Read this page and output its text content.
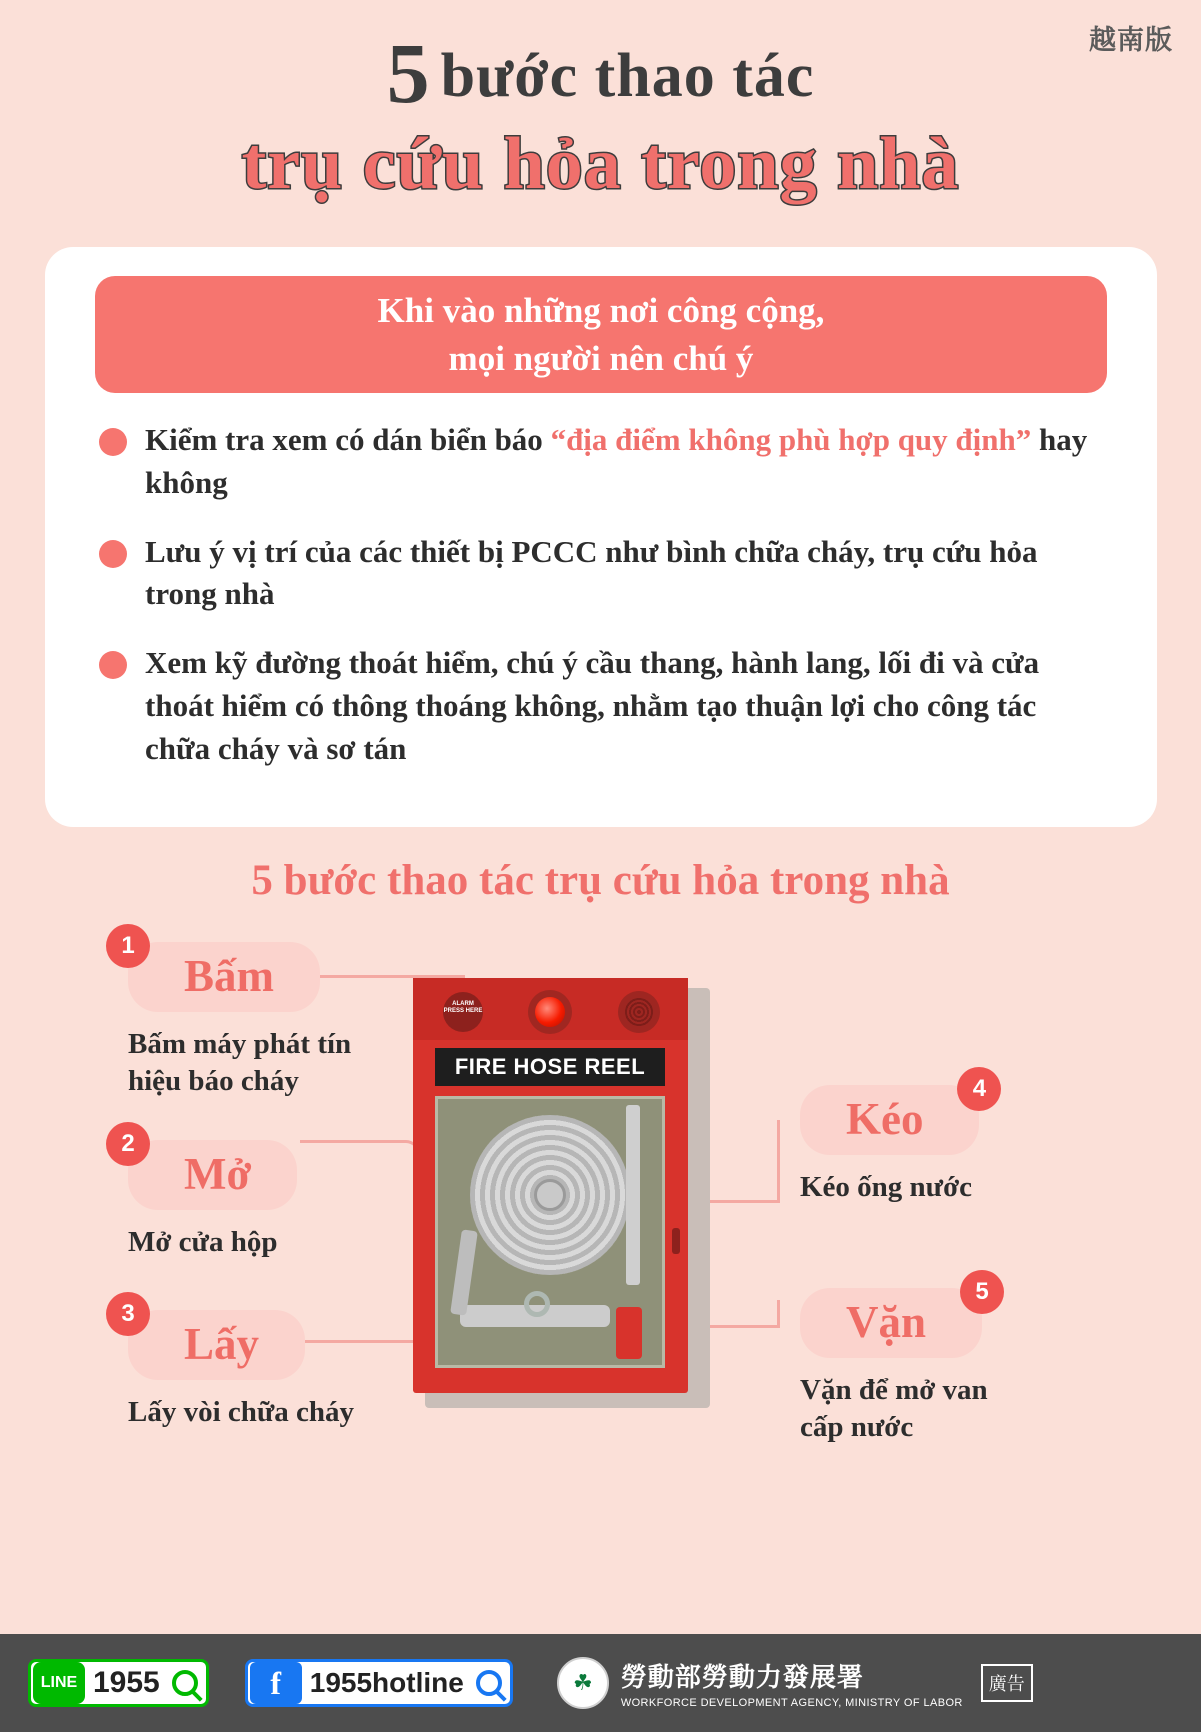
越南版
5 bước thao tác
trụ cứu hỏa trong nhà
Khi vào những nơi công cộng,
mọi người nên chú ý
Kiểm tra xem có dán biển báo “địa điểm không phù hợp quy định” hay không
Lưu ý vị trí của các thiết bị PCCC như bình chữa cháy, trụ cứu hỏa trong nhà
Xem kỹ đường thoát hiểm, chú ý cầu thang, hành lang, lối đi và cửa thoát hiểm có thông thoáng không, nhằm tạo thuận lợi cho công tác chữa cháy và sơ tán
5 bước thao tác trụ cứu hỏa trong nhà
1
Bấm
Bấm máy phát tín hiệu báo cháy
2
Mở
Mở cửa hộp
3
Lấy
Lấy vòi chữa cháy
4
Kéo
Kéo ống nước
5
Vặn
Vặn để mở van cấp nước
ALARM PRESS HERE
FIRE HOSE REEL
LINE 1955	f	1955hotline	☘	勞動部勞動力發展署
WORKFORCE DEVELOPMENT AGENCY, MINISTRY OF LABOR
廣告
